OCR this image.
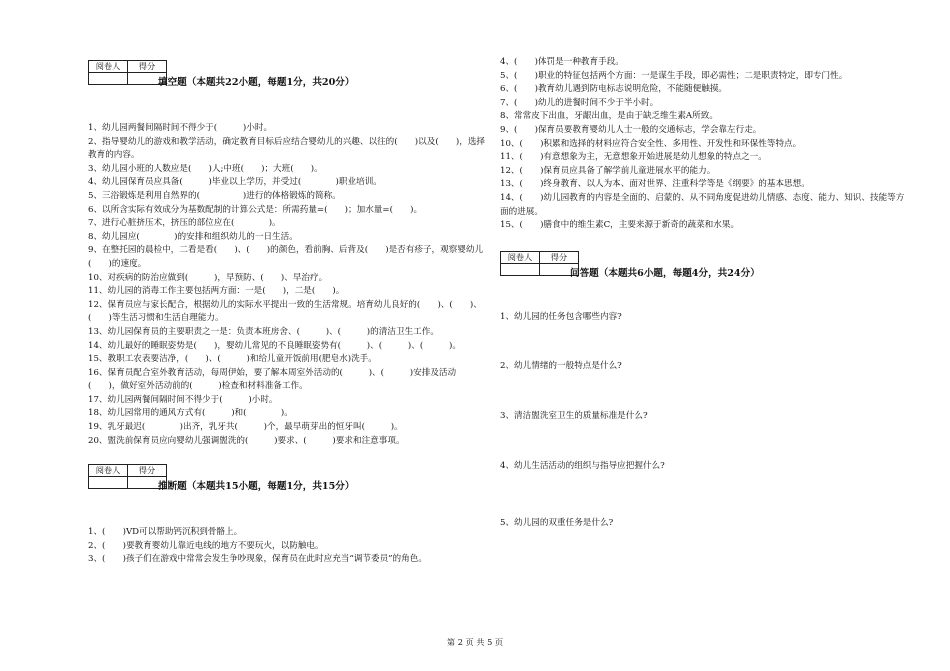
阅卷人	得分

填空题（本题共22小题，每题1分，共20分）

1、幼儿园两餐间隔时间不得少于(　　　)小时。

2、指导婴幼儿的游戏和教学活动，确定教育目标后应结合婴幼儿的兴趣、以往的(　　)以及(　　)，选择教育的内容。

3、幼儿园小班的人数应是(　　)人;中班(　　)；大班(　　)。

4、幼儿园保育员应具备(　　　)毕业以上学历，并受过(　　　　)职业培训。

5、三浴锻炼是利用自然界的(　　　　　)进行的体格锻炼的简称。

6、以所含实际有效成分为基数配制的计算公式是：所需药量=(　　)；加水量=(　　)。

7、进行心脏挤压术，挤压的部位应在(　　　　)。

8、幼儿园应(　　　　)的安排和组织幼儿的一日生活。

9、在整托园的晨检中，二看是看(　　)、(　　)的颜色，看前胸、后背及(　　)是否有疹子，观察婴幼儿(　　)的速度。

10、对疾病的防治应做到(　　　)，早预防、(　　)、早治疗。

11、幼儿园的消毒工作主要包括两方面：一是(　　)，二是(　　)。

12、保育员应与家长配合，根据幼儿的实际水平提出一致的生活常规。培育幼儿良好的(　　)、(　　)、(　　)等生活习惯和生活自理能力。

13、幼儿园保育员的主要职责之一是：负责本班房舍、(　　　)、(　　　)的清洁卫生工作。

14、幼儿最好的睡眠姿势是(　　)，婴幼儿常见的不良睡眠姿势有(　　　)、(　　　)、(　　　)。

15、教职工农表要洁净，(　　)、(　　　)和给儿童开饭前用(肥皂水)洗手。

16、保育员配合室外教育活动，每周伊始，要了解本周室外活动的(　　　)、(　　　)安排及活动(　　)，做好室外活动前的(　　　)检查和材料准备工作。

17、幼儿园两餐间隔时间不得少于(　　　)小时。

18、幼儿园常用的通风方式有(　　　)和(　　　　)。

19、乳牙最迟(　　　　)出齐，乳牙共(　　　)个，最早萌芽出的恒牙叫(　　　)。

20、盥洗前保育员应向婴幼儿强调盥洗的(　　　)要求、(　　　)要求和注意事项。

阅卷人	得分

推断题（本题共15小题，每题1分，共15分）

1、(　　)VD可以帮助钙沉积到骨骼上。

2、(　　)要教育婴幼儿靠近电线的地方不要玩火，以防触电。

3、(　　)孩子们在游戏中常常会发生争吵现象，保育员在此时应充当“调节委员”的角色。

4、(　　)体罚是一种教育手段。

5、(　　)职业的特征包括两个方面：一是谋生手段，即必需性；二是职责特定，即专门性。

6、(　　)教育幼儿遇到防电标志说明危险，不能随便触摸。

7、(　　)幼儿的进餐时间不少于半小时。

8、常常皮下出血，牙龈出血，是由于缺乏维生素A所致。

9、(　　)保育员要教育婴幼儿人士一般的交通标志，学会靠左行走。

10、(　　)积累和选择的材料应符合安全性、多用性、开发性和环保性等特点。

11、(　　)有意想象为主，无意想象开始进展是幼儿想象的特点之一。

12、(　　)保育员应具备了解学前儿童进展水平的能力。

13、(　　)终身教育、以人为本、面对世界、注重科学等是《纲要》的基本思想。

14、(　　)幼儿园教育的内容是全面的、启蒙的、从不同角度促进幼儿情感、态度、能力、知识、技能等方面的进展。

15、(　　)膳食中的维生素C，主要来源于新奇的蔬菜和水果。

阅卷人	得分

问答题（本题共6小题，每题4分，共24分）

1、幼儿园的任务包含哪些内容?

2、幼儿情绪的一般特点是什么?

3、清洁盥洗室卫生的质量标准是什么?

4、幼儿生活活动的组织与指导应把握什么?

5、幼儿园的双重任务是什么?

第 2 页 共 5 页
